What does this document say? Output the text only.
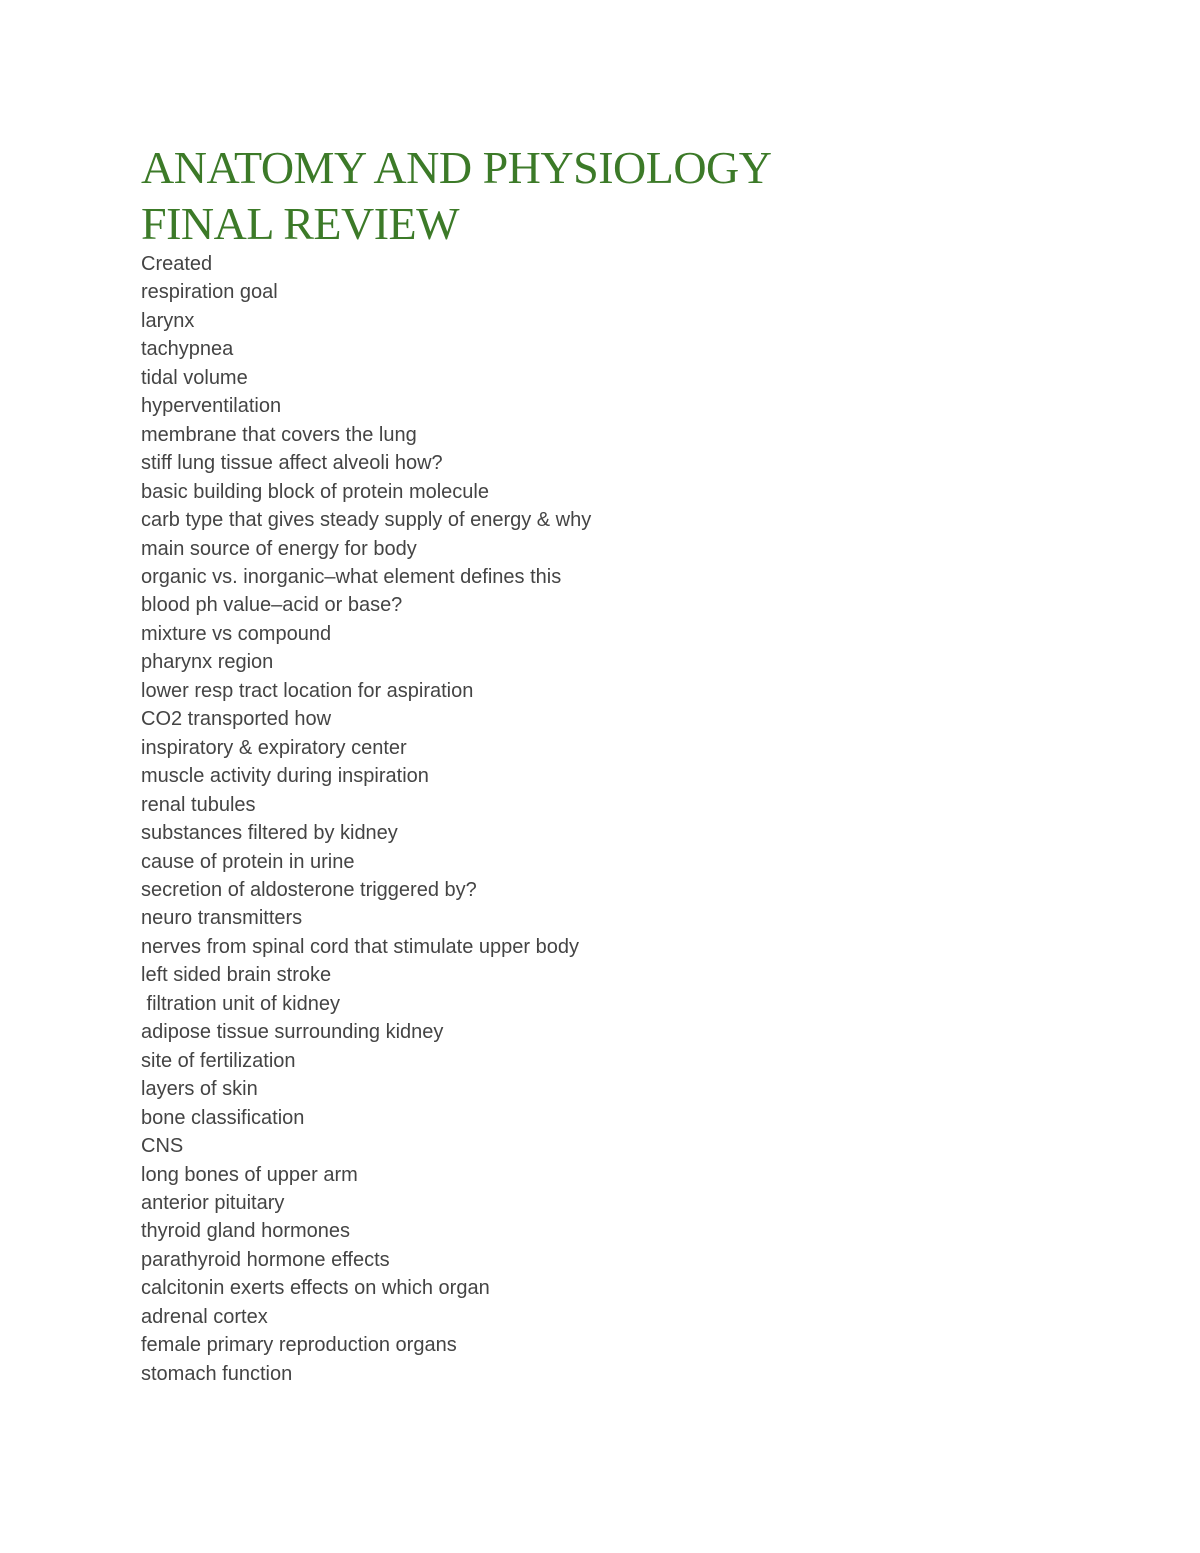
ANATOMY AND PHYSIOLOGY
FINAL REVIEW
Created
respiration goal
larynx
tachypnea
tidal volume
hyperventilation
membrane that covers the lung
stiff lung tissue affect alveoli how?
basic building block of protein molecule
carb type that gives steady supply of energy & why
main source of energy for body
organic vs. inorganic–what element defines this
blood ph value–acid or base?
mixture vs compound
pharynx region
lower resp tract location for aspiration
CO2 transported how
inspiratory & expiratory center
muscle activity during inspiration
renal tubules
substances filtered by kidney
cause of protein in urine
secretion of aldosterone triggered by?
neuro transmitters
nerves from spinal cord that stimulate upper body
left sided brain stroke
filtration unit of kidney
adipose tissue surrounding kidney
site of fertilization
layers of skin
bone classification
CNS
long bones of upper arm
anterior pituitary
thyroid gland hormones
parathyroid hormone effects
calcitonin exerts effects on which organ
adrenal cortex
female primary reproduction organs
stomach function
